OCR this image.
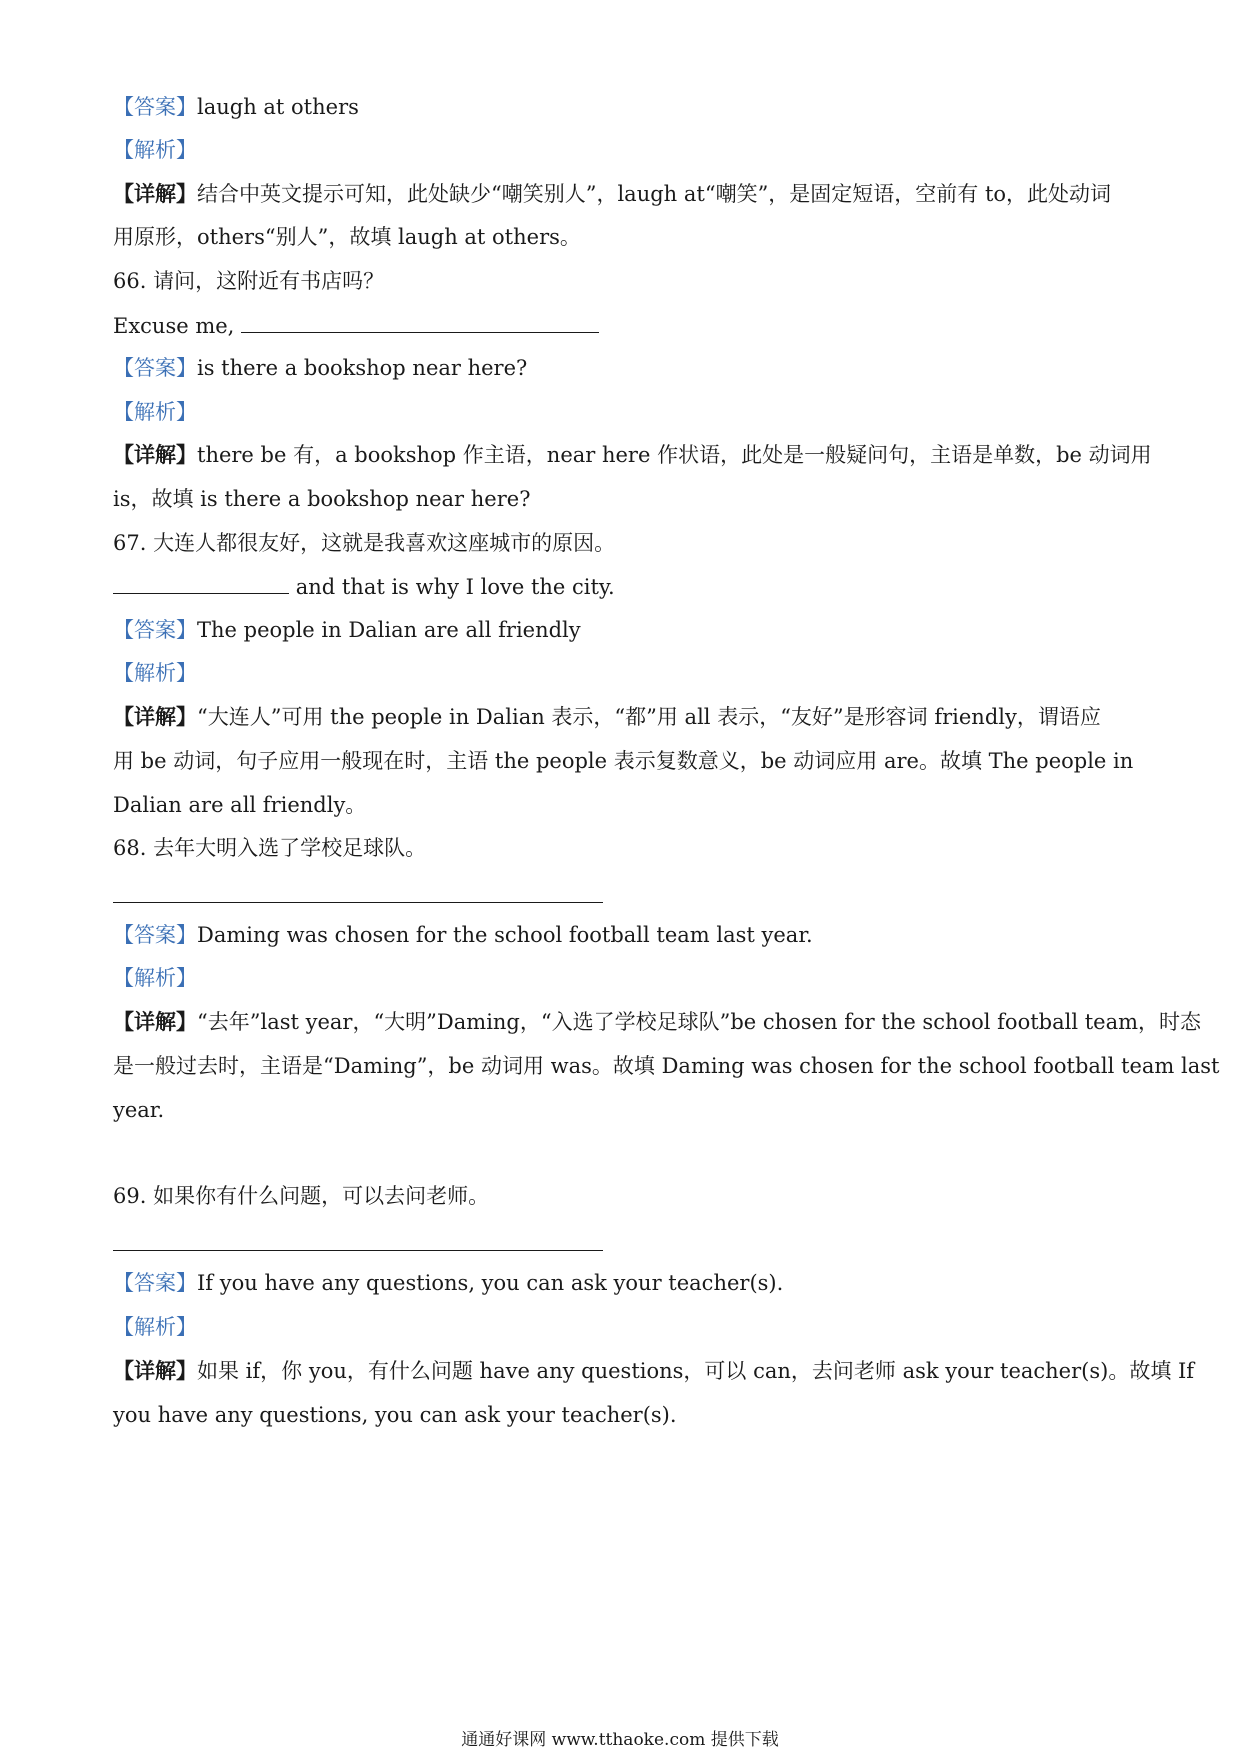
【答案】laugh at others
【解析】
【详解】结合中英文提示可知，此处缺少“嘲笑别人”，laugh at“嘲笑”，是固定短语，空前有 to，此处动词
用原形，others“别人”，故填 laugh at others。
66. 请问，这附近有书店吗？
Excuse me,
【答案】is there a bookshop near here?
【解析】
【详解】there be 有，a bookshop 作主语，near here 作状语，此处是一般疑问句，主语是单数，be 动词用
is，故填 is there a bookshop near here?
67. 大连人都很友好，这就是我喜欢这座城市的原因。
and that is why I love the city.
【答案】The people in Dalian are all friendly
【解析】
【详解】“大连人”可用 the people in Dalian 表示，“都”用 all 表示，“友好”是形容词 friendly，谓语应
用 be 动词，句子应用一般现在时，主语 the people 表示复数意义，be 动词应用 are。故填 The people in
Dalian are all friendly。
68. 去年大明入选了学校足球队。
【答案】Daming was chosen for the school football team last year.
【解析】
【详解】“去年”last year，“大明”Daming，“入选了学校足球队”be chosen for the school football team，时态
是一般过去时，主语是“Daming”，be 动词用 was。故填 Daming was chosen for the school football team last
year.
69. 如果你有什么问题，可以去问老师。
【答案】If you have any questions, you can ask your teacher(s).
【解析】
【详解】如果 if，你 you，有什么问题 have any questions，可以 can，去问老师 ask your teacher(s)。故填 If
you have any questions, you can ask your teacher(s).
通通好课网 www.tthaoke.com 提供下载
